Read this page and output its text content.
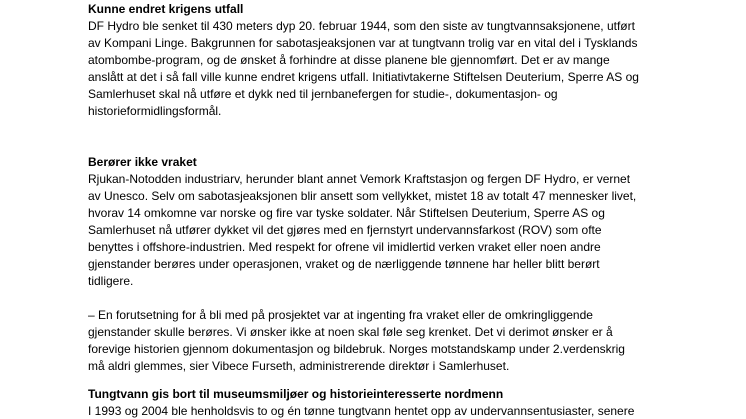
Kunne endret krigens utfall
DF Hydro ble senket til 430 meters dyp 20. februar 1944, som den siste av tungtvannsaksjonene, utført
av Kompani Linge. Bakgrunnen for sabotasjeaksjonen var at tungtvann trolig var en vital del i Tysklands
atombombe-program, og de ønsket å forhindre at disse planene ble gjennomført. Det er av mange
anslått at det i så fall ville kunne endret krigens utfall. Initiativtakerne Stiftelsen Deuterium, Sperre AS og
Samlerhuset skal nå utføre et dykk ned til jernbanefergen for studie-, dokumentasjon- og
historieformidlingsformål.
Berører ikke vraket
Rjukan-Notodden industriarv, herunder blant annet Vemork Kraftstasjon og fergen DF Hydro, er vernet
av Unesco. Selv om sabotasjeaksjonen blir ansett som vellykket, mistet 18 av totalt 47 mennesker livet,
hvorav 14 omkomne var norske og fire var tyske soldater. Når Stiftelsen Deuterium, Sperre AS og
Samlerhuset nå utfører dykket vil det gjøres med en fjernstyrt undervannsfarkost (ROV) som ofte
benyttes i offshore-industrien. Med respekt for ofrene vil imidlertid verken vraket eller noen andre
gjenstander berøres under operasjonen, vraket og de nærliggende tønnene har heller blitt berørt
tidligere.
– En forutsetning for å bli med på prosjektet var at ingenting fra vraket eller de omkringliggende
gjenstander skulle berøres. Vi ønsker ikke at noen skal føle seg krenket. Det vi derimot ønsker er å
forevige historien gjennom dokumentasjon og bildebruk. Norges motstandskamp under 2.verdenskrig
må aldri glemmes, sier Vibece Furseth, administrerende direktør i Samlerhuset.
Tungtvann gis bort til museumsmiljøer og historieinteresserte nordmenn
I 1993 og 2004 ble henholdsvis to og én tønne tungtvann hentet opp av undervannsentusiaster, senere
